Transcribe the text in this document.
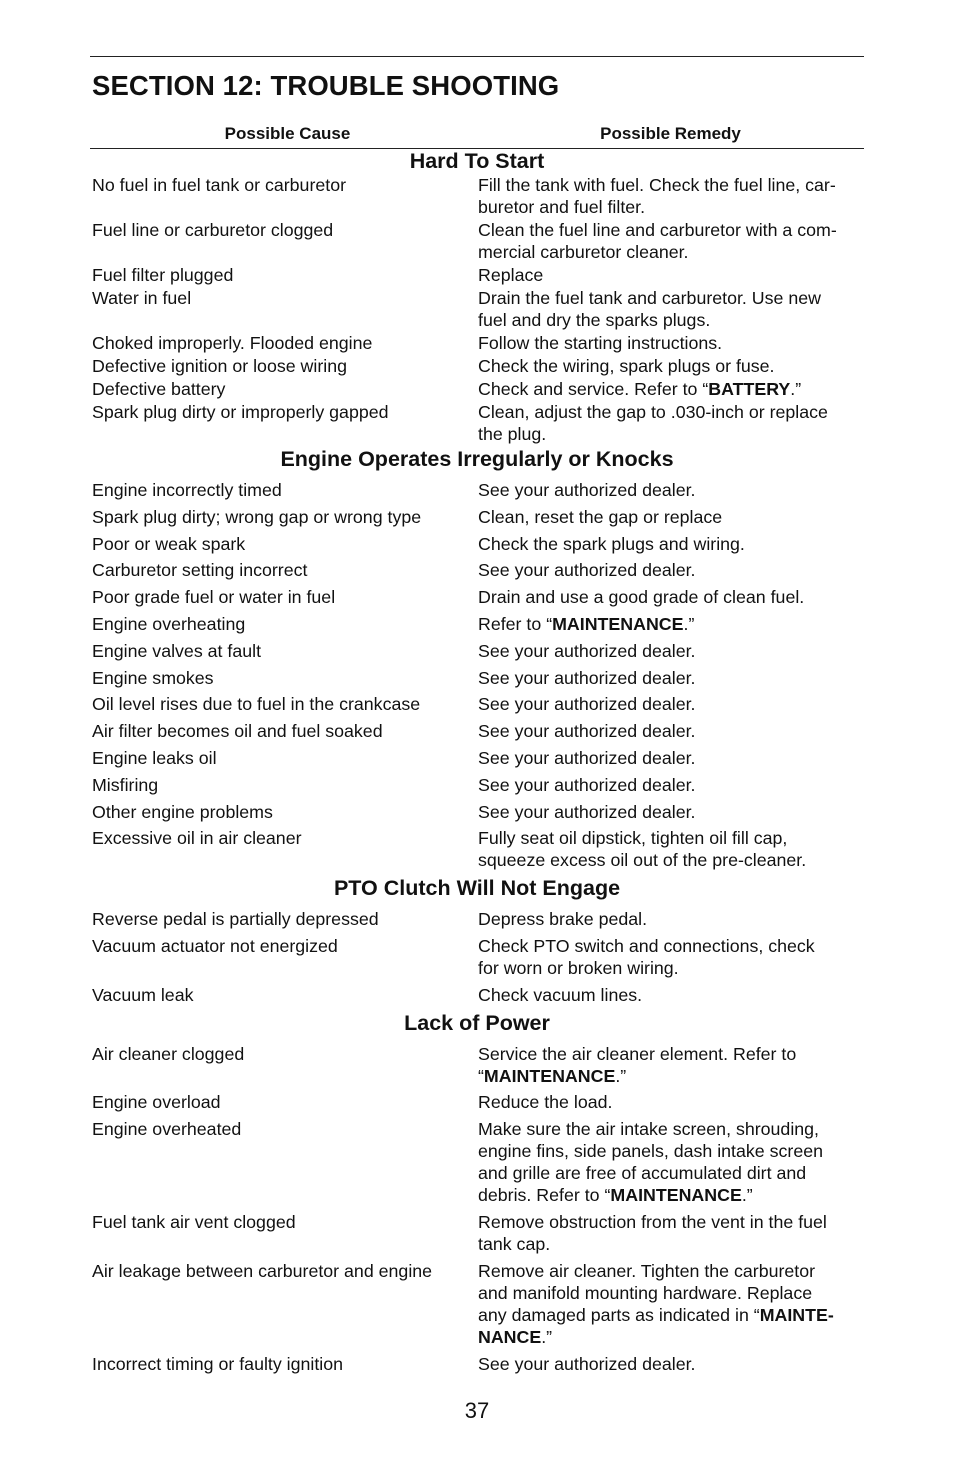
SECTION 12: TROUBLE SHOOTING
Possible Cause	Possible Remedy
Hard To Start
No fuel in fuel tank or carburetor	Fill the tank with fuel. Check the fuel line, car-
buretor and fuel filter.
Fuel line or carburetor clogged	Clean the fuel line and carburetor with a com-
mercial carburetor cleaner.
Fuel filter plugged	Replace
Water in fuel	Drain the fuel tank and carburetor. Use new
fuel and dry the sparks plugs.
Choked improperly. Flooded engine	Follow the starting instructions.
Defective ignition or loose wiring	Check the wiring, spark plugs or fuse.
Defective battery	Check and service. Refer to “BATTERY.”
Spark plug dirty or improperly gapped	Clean, adjust the gap to .030-inch or replace
the plug.
Engine Operates Irregularly or Knocks
Engine incorrectly timed	See your authorized dealer.
Spark plug dirty; wrong gap or wrong type	Clean, reset the gap or replace
Poor or weak spark	Check the spark plugs and wiring.
Carburetor setting incorrect	See your authorized dealer.
Poor grade fuel or water in fuel	Drain and use a good grade of clean fuel.
Engine overheating	Refer to “MAINTENANCE.”
Engine valves at fault	See your authorized dealer.
Engine smokes	See your authorized dealer.
Oil level rises due to fuel in the crankcase	See your authorized dealer.
Air filter becomes oil and fuel soaked	See your authorized dealer.
Engine leaks oil	See your authorized dealer.
Misfiring	See your authorized dealer.
Other engine problems	See your authorized dealer.
Excessive oil in air cleaner	Fully seat oil dipstick, tighten oil fill cap,
squeeze excess oil out of the pre-cleaner.
PTO Clutch Will Not Engage
Reverse pedal is partially depressed	Depress brake pedal.
Vacuum actuator not energized	Check PTO switch and connections, check
for worn or broken wiring.
Vacuum leak	Check vacuum lines.
Lack of Power
Air cleaner clogged	Service the air cleaner element. Refer to
“MAINTENANCE.”
Engine overload	Reduce the load.
Engine overheated	Make sure the air intake screen, shrouding,
engine fins, side panels, dash intake screen
and grille are free of accumulated dirt and
debris. Refer to “MAINTENANCE.”
Fuel tank air vent clogged	Remove obstruction from the vent in the fuel
tank cap.
Air leakage between carburetor and engine	Remove air cleaner. Tighten the carburetor
and manifold mounting hardware. Replace
any damaged parts as indicated in “MAINTE-
NANCE.”
Incorrect timing or faulty ignition	See your authorized dealer.
37
